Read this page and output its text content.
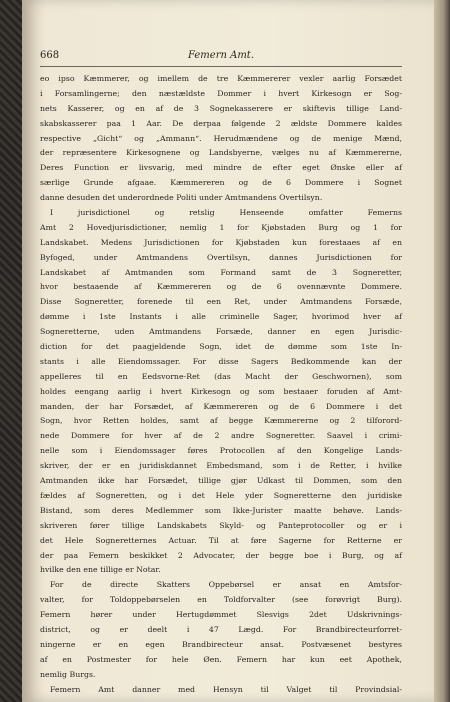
668	Femern Amt.
eo ipso Kæmmerer, og imellem de tre Kæmmererer vexler aarlig Forsædet
i Forsamlingerne; den næstældste Dommer i hvert Kirkesogn er Sog-
nets Kasserer, og en af de 3 Sognekasserere er skiftevis tillige Land-
skabskasserer paa 1 Aar. De derpaa følgende 2 ældste Dommere kaldes
respective „Gicht“ og „Ammann“. Herudmændene og de menige Mænd,
der repræsentere Kirkesognene og Landsbyerne, vælges nu af Kæmmererne,
Deres Function er livsvarig, med mindre de efter eget Ønske eller af
særlige Grunde afgaae. Kæmmereren og de 6 Dommere i Sognet
danne desuden det underordnede Politi under Amtmandens Overtilsyn.
I jurisdictionel og retslig Henseende omfatter Femerns
Amt 2 Hovedjurisdictioner, nemlig 1 for Kjøbstaden Burg og 1 for
Landskabet. Medens Jurisdictionen for Kjøbstaden kun forestaaes af en
Byfoged, under Amtmandens Overtilsyn, dannes Jurisdictionen for
Landskabet af Amtmanden som Formand samt de 3 Sogneretter,
hvor bestaaende af Kæmmereren og de 6 ovennævnte Dommere.
Disse Sogneretter, forenede til een Ret, under Amtmandens Forsæde,
dømme i 1ste Instants i alle criminelle Sager, hvorimod hver af
Sogneretterne, uden Amtmandens Forsæde, danner en egen Jurisdic-
diction for det paagjeldende Sogn, idet de dømme som 1ste In-
stants i alle Eiendomssager. For disse Sagers Bedkommende kan der
appelleres til en Eedsvorne-Ret (das Macht der Geschwornen), som
holdes eengang aarlig i hvert Kirkesogn og som bestaaer foruden af Amt-
manden, der har Forsædet, af Kæmmereren og de 6 Dommere i det
Sogn, hvor Retten holdes, samt af begge Kæmmererne og 2 tilforord-
nede Dommere for hver af de 2 andre Sogneretter. Saavel i crimi-
nelle som i Eiendomssager føres Protocollen af den Kongelige Lands-
skriver, der er en juridiskdannet Embedsmand, som i de Retter, i hvilke
Amtmanden ikke har Forsædet, tillige gjør Udkast til Dommen, som den
fældes af Sogneretten, og i det Hele yder Sogneretterne den juridiske
Bistand, som deres Medlemmer som Ikke-Jurister maatte behøve. Lands-
skriveren fører tillige Landskabets Skyld- og Panteprotocoller og er i
det Hele Sogneretternes Actuar. Til at føre Sagerne for Retterne er
der paa Femern beskikket 2 Advocater, der begge boe i Burg, og af
hvilke den ene tillige er Notar.
For de directe Skatters Oppebørsel er ansat en Amtsfor-
valter, for Toldoppebørselen en Toldforvalter (see forøvrigt Burg).
Femern hører under Hertugdømmet Slesvigs 2det Udskrivnings-
district, og er deelt i 47 Lægd. For Brandbirecteurforret-
ningerne er en egen Brandbirecteur ansat. Postvæsenet bestyres
af en Postmester for hele Øen. Femern har kun eet Apothek,
nemlig Burgs.
Femern Amt danner med Hensyn til Valget til Provindsial-
